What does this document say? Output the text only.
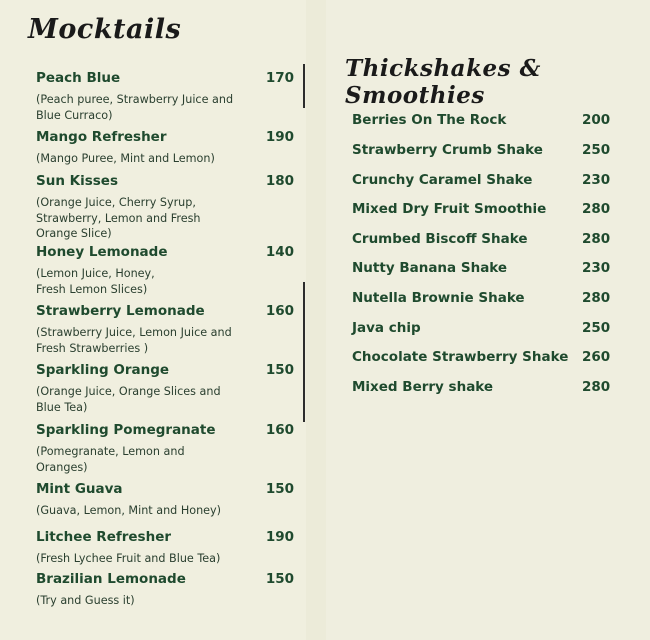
Mocktails
Thickshakes & Smoothies
Peach Blue	170
(Peach puree, Strawberry Juice and Blue Curraco)
Mango Refresher	190
(Mango Puree, Mint and Lemon)
Sun Kisses	180
(Orange Juice, Cherry Syrup, Strawberry, Lemon and Fresh Orange Slice)
Honey Lemonade	140
(Lemon Juice, Honey, Fresh Lemon Slices)
Strawberry Lemonade	160
(Strawberry Juice, Lemon Juice and Fresh Strawberries )
Sparkling Orange	150
(Orange Juice, Orange Slices and Blue Tea)
Sparkling Pomegranate	160
(Pomegranate, Lemon and Oranges)
Mint Guava	150
(Guava, Lemon, Mint and Honey)
Litchee Refresher	190
(Fresh Lychee Fruit and Blue Tea)
Brazilian Lemonade	150
(Try and Guess it)
Berries On The Rock	200
Strawberry Crumb Shake	250
Crunchy Caramel Shake	230
Mixed Dry Fruit Smoothie	280
Crumbed Biscoff Shake	280
Nutty Banana Shake	230
Nutella Brownie Shake	280
Java chip	250
Chocolate Strawberry Shake	260
Mixed Berry shake	280
